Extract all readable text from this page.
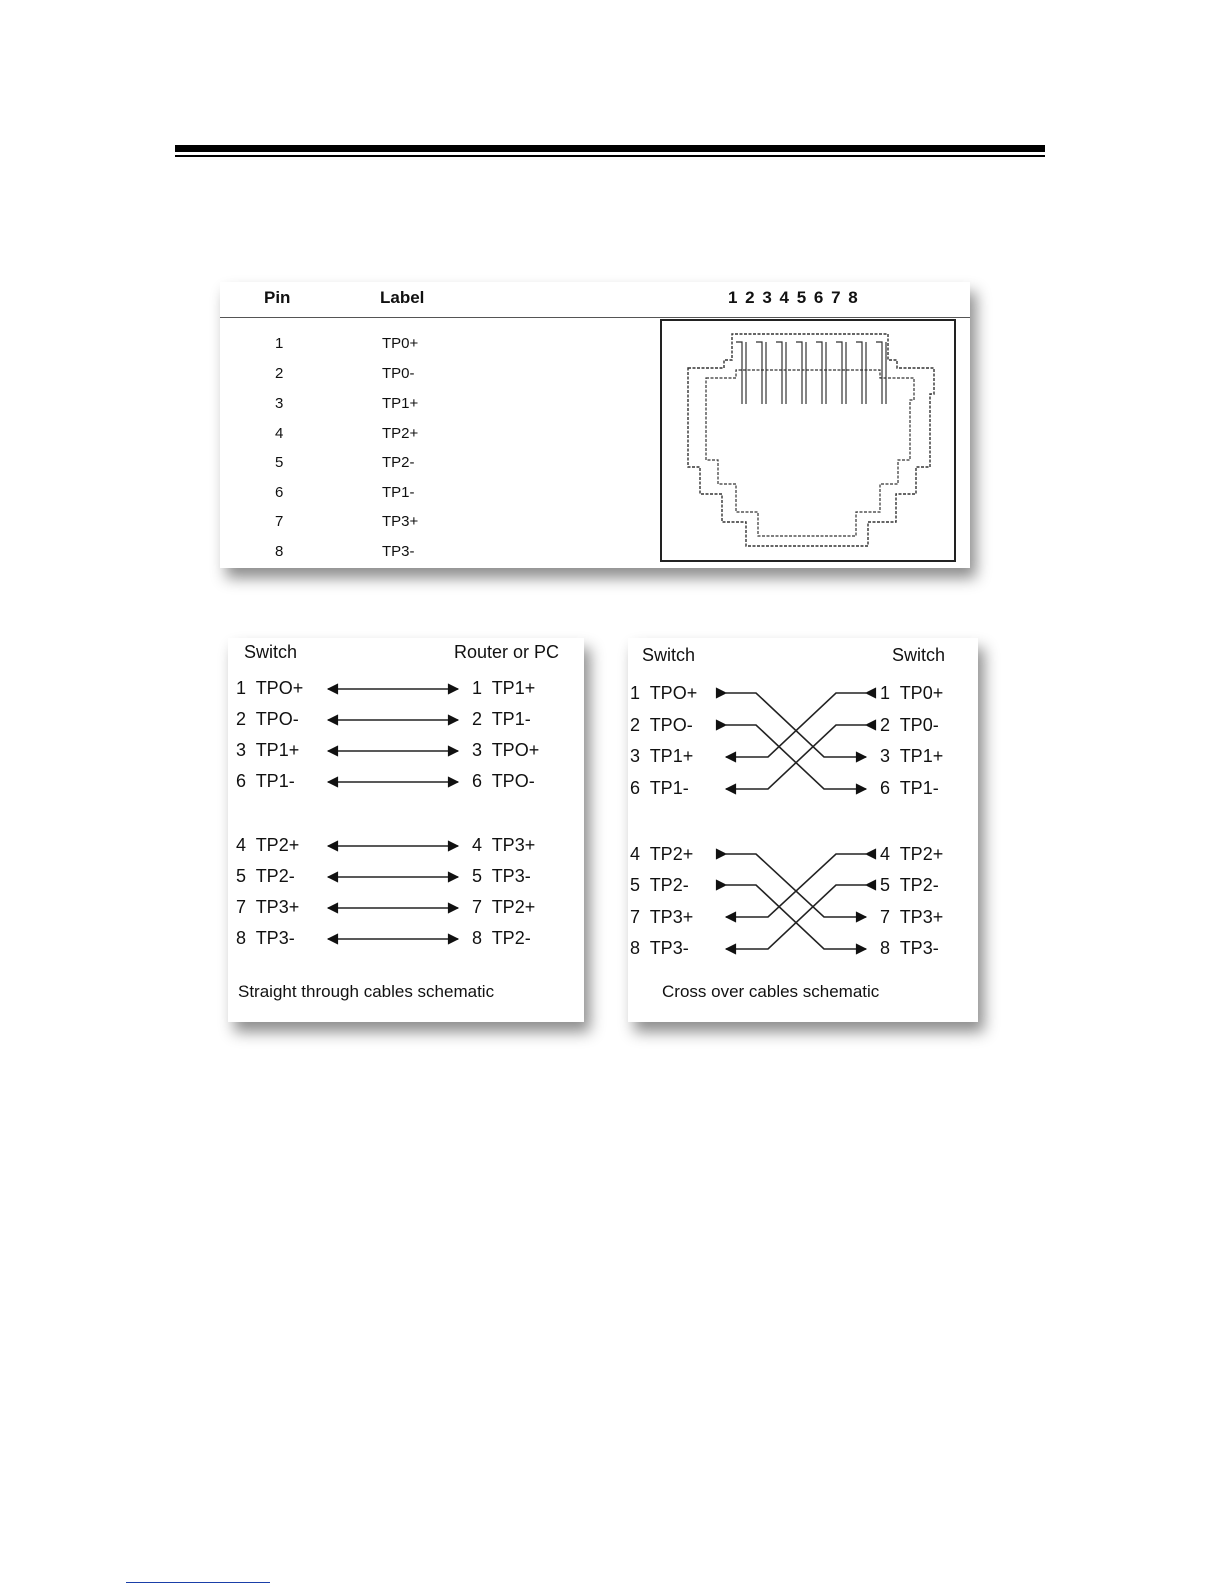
Pin	Label	1 2 3 4 5 6 7 8
1	TP0+
2	TP0-
3	TP1+
4	TP2+
5	TP2-
6	TP1-
7	TP3+
8	TP3-
Switch	Router or PC
1  TPO+	1  TP1+
2  TPO-	2  TP1-
3  TP1+	3  TPO+
6  TP1-	6  TPO-
4  TP2+	4  TP3+
5  TP2-	5  TP3-
7  TP3+	7  TP2+
8  TP3-	8  TP2-
Straight through cables schematic
Switch	Switch
1  TPO+	1  TP0+
2  TPO-	2  TP0-
3  TP1+	3  TP1+
6  TP1-	6  TP1-
4  TP2+	4  TP2+
5  TP2-	5  TP2-
7  TP3+	7  TP3+
8  TP3-	8  TP3-
Cross over cables schematic
